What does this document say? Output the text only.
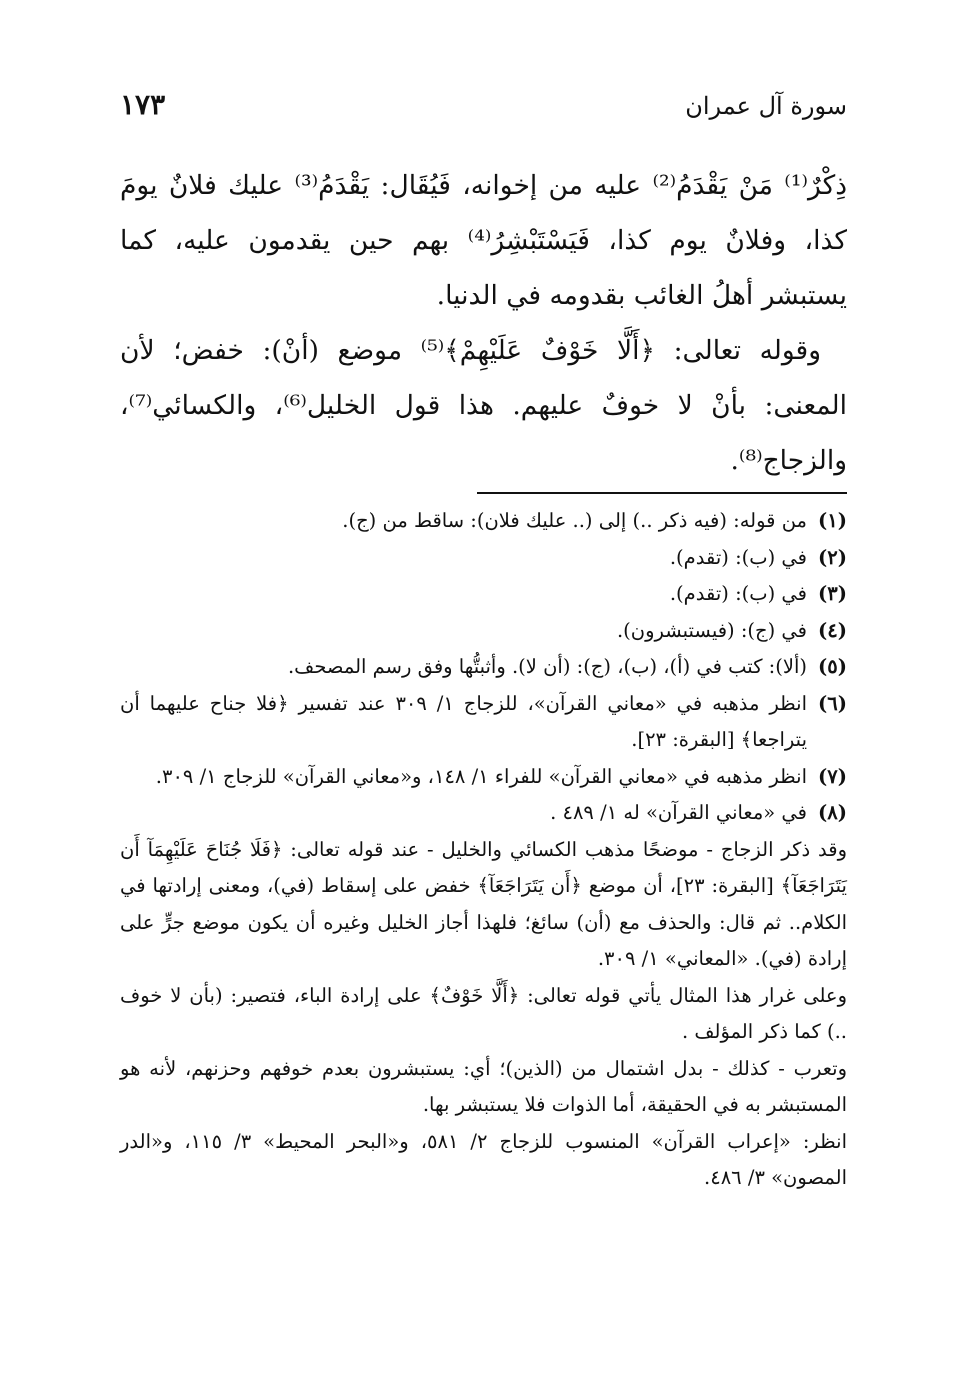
سورة آل عمران
١٧٣

ذِكْرٌ⁽¹⁾ مَنْ يَقْدَمُ⁽²⁾ عليه من إخوانه، فَيُقَال: يَقْدَمُ⁽³⁾ عليك فلانٌ يومَ كذا، وفلانٌ يوم كذا، فَيَسْتَبْشِرُ⁽⁴⁾ بهم حين يقدمون عليه، كما يستبشر أهلُ الغائب بقدومه في الدنيا.

وقوله تعالى: ﴿أَلَّا خَوْفٌ عَلَيْهِمْ﴾⁽⁵⁾ موضع (أنْ): خفض؛ لأن المعنى: بأنْ لا خوفٌ عليهم. هذا قول الخليل⁽⁶⁾، والكسائي⁽⁷⁾، والزجاج⁽⁸⁾.

(١)
من قوله: (فيه ذكر ..) إلى (.. عليك فلان): ساقط من (ج).
(٢)
في (ب): (تقدم).
(٣)
في (ب): (تقدم).
(٤)
في (ج): (فيستبشرون).
(٥)
(ألا): كتب في (أ)، (ب)، (ج): (أن لا). وأثبتُّها وفق رسم المصحف.
(٦)
انظر مذهبه في «معاني القرآن»، للزجاج ١/ ٣٠٩ عند تفسير ﴿فلا جناح عليهما أن يتراجعا﴾ [البقرة: ٢٣].
(٧)
انظر مذهبه في «معاني القرآن» للفراء ١/ ١٤٨، و«معاني القرآن» للزجاج ١/ ٣٠٩.
(٨)
في «معاني القرآن» له ١/ ٤٨٩ .

وقد ذكر الزجاج - موضحًا مذهب الكسائي والخليل - عند قوله تعالى: ﴿فَلَا جُنَاحَ عَلَيْهِمَآ أَن يَتَرَاجَعَآ﴾ [البقرة: ٢٣]، أن موضع ﴿أَن يَتَرَاجَعَآ﴾ خفض على إسقاط (في)، ومعنى إرادتها في الكلام.. ثم قال: والحذف مع (أن) سائغ؛ فلهذا أجاز الخليل وغيره أن يكون موضع جرٍّ على إرادة (في). «المعاني» ١/ ٣٠٩.

وعلى غرار هذا المثال يأتي قوله تعالى: ﴿أَلَّا خَوْفٌ﴾ على إرادة الباء، فتصير: (بأن لا خوف ..) كما ذكر المؤلف .

وتعرب - كذلك - بدل اشتمال من (الذين)؛ أي: يستبشرون بعدم خوفهم وحزنهم، لأنه هو المستبشر به في الحقيقة، أما الذوات فلا يستبشر بها.

انظر: «إعراب القرآن» المنسوب للزجاج ٢/ ٥٨١، و«البحر المحيط» ٣/ ١١٥، و«الدر المصون» ٣/ ٤٨٦.
